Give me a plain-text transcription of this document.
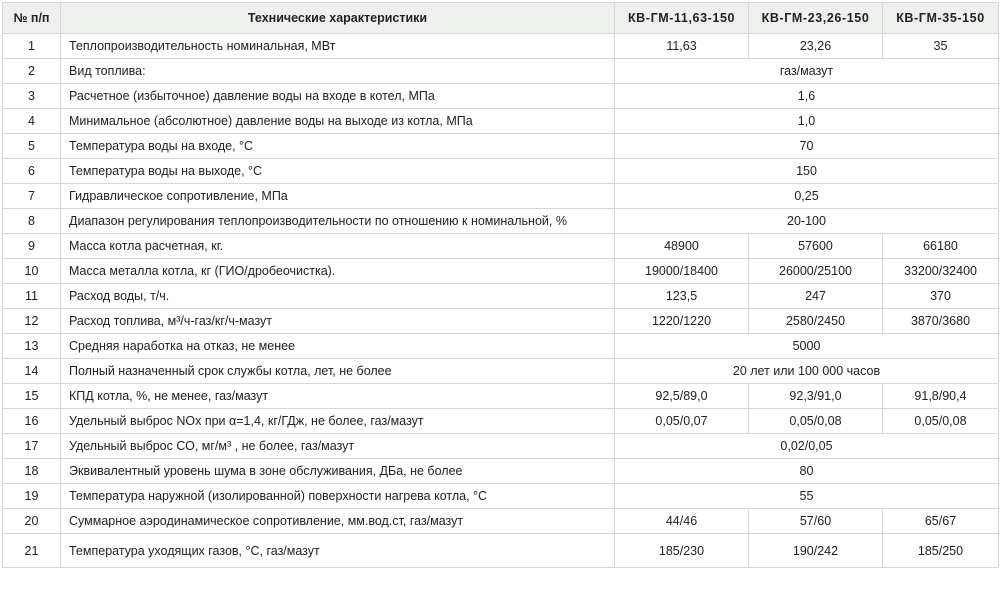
№ п/п	Технические характеристики	КВ-ГМ-11,63-150	КВ-ГМ-23,26-150	КВ-ГМ-35-150
1	Теплопроизводительность номинальная, МВт	11,63	23,26	35
2	Вид топлива:	газ/мазут		
3	Расчетное (избыточное) давление воды на входе в котел, МПа	1,6		
4	Минимальное (абсолютное) давление воды на выходе из котла, МПа	1,0		
5	Температура воды на входе, °С	70		
6	Температура воды на выходе, °С	150		
7	Гидравлическое сопротивление, МПа	0,25		
8	Диапазон регулирования теплопроизводительности по отношению к номинальной, %	20-100		
9	Масса котла расчетная, кг.	48900	57600	66180
10	Масса металла котла, кг (ГИО/дробеочистка).	19000/18400	26000/25100	33200/32400
11	Расход воды, т/ч.	123,5	247	370
12	Расход топлива, м³/ч-газ/кг/ч-мазут	1220/1220	2580/2450	3870/3680
13	Средняя наработка на отказ, не менее	5000		
14	Полный назначенный срок службы котла, лет, не более	20 лет или 100 000 часов		
15	КПД котла, %, не менее, газ/мазут	92,5/89,0	92,3/91,0	91,8/90,4
16	Удельный выброс NOx при α=1,4, кг/ГДж, не более, газ/мазут	0,05/0,07	0,05/0,08	0,05/0,08
17	Удельный выброс СО, мг/м³ , не более, газ/мазут	0,02/0,05		
18	Эквивалентный уровень шума в зоне обслуживания, ДБа, не более	80		
19	Температура наружной (изолированной) поверхности нагрева котла, °С	55		
20	Суммарное аэродинамическое сопротивление, мм.вод.ст, газ/мазут	44/46	57/60	65/67
21	Температура уходящих газов, °С, газ/мазут	185/230	190/242	185/250
